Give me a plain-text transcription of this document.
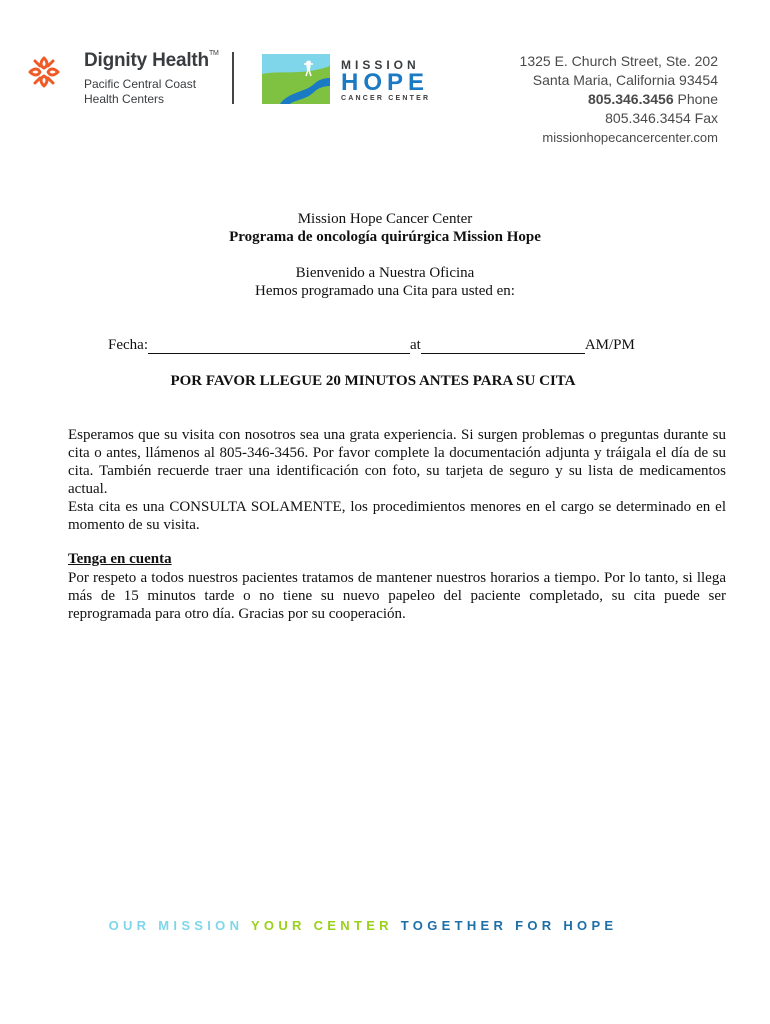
Dignity Health™
Pacific Central Coast
Health Centers
MISSION
HOPE
CANCER CENTER
1325 E. Church Street, Ste. 202
Santa Maria, California 93454
805.346.3456 Phone
805.346.3454 Fax
missionhopecancercenter.com
Mission Hope Cancer Center
Programa de oncología quirúrgica Mission Hope
Bienvenido a Nuestra Oficina
Hemos programado una Cita para usted en:
Fecha:	at	AM/PM
POR FAVOR LLEGUE 20 MINUTOS ANTES PARA SU CITA
Esperamos que su visita con nosotros sea una grata experiencia. Si surgen problemas o preguntas durante su cita o antes, llámenos al 805-346-3456. Por favor complete la documentación adjunta y tráigala el día de su cita. También recuerde traer una identificación con foto, su tarjeta de seguro y su lista de medicamentos actual.
Esta cita es una CONSULTA SOLAMENTE, los procedimientos menores en el cargo se determinado en el momento de su visita.
Tenga en cuenta
Por respeto a todos nuestros pacientes tratamos de mantener nuestros horarios a tiempo. Por lo tanto, si llega más de 15 minutos tarde o no tiene su nuevo papeleo del paciente completado, su cita puede ser reprogramada para otro día. Gracias por su cooperación.
OUR MISSION YOUR CENTER TOGETHER FOR HOPE
